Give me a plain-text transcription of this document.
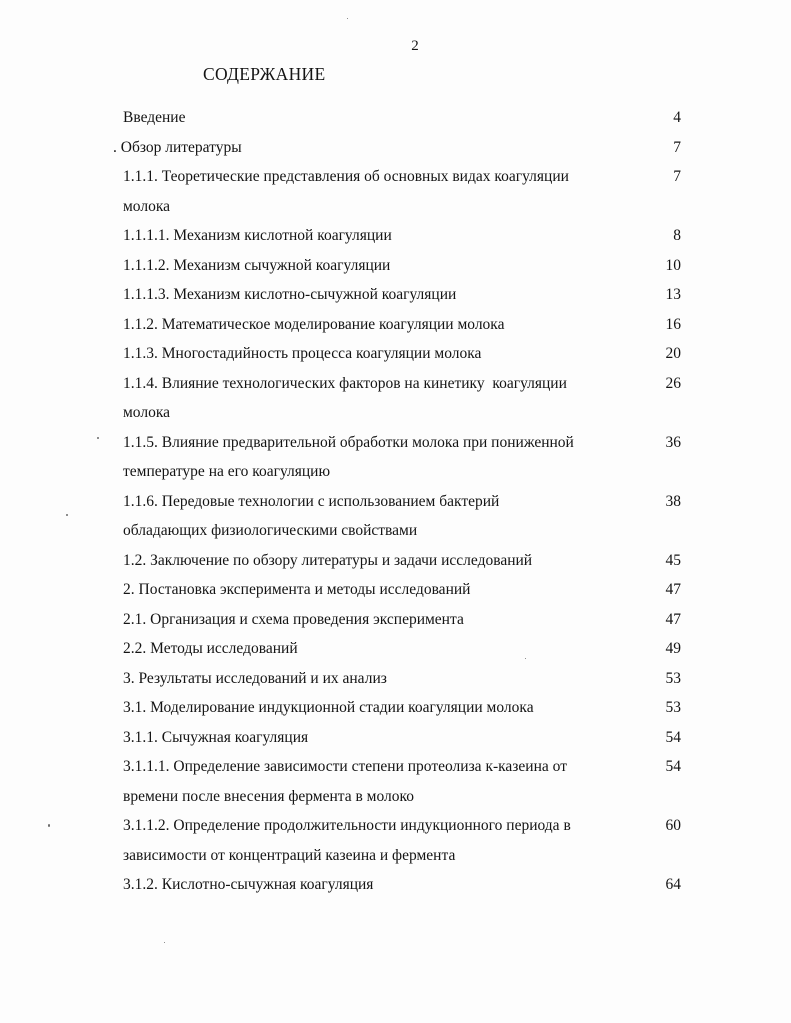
2
СОДЕРЖАНИЕ
Введение	4
. Обзор литературы	7
1.1.1. Теоретические представления об основных видах коагуляции	7
молока
1.1.1.1. Механизм кислотной коагуляции	8
1.1.1.2. Механизм сычужной коагуляции	10
1.1.1.3. Механизм кислотно-сычужной коагуляции	13
1.1.2. Математическое моделирование коагуляции молока	16
1.1.3. Многостадийность процесса коагуляции молока	20
1.1.4. Влияние технологических факторов на кинетику  коагуляции	26
молока
1.1.5. Влияние предварительной обработки молока при пониженной	36
температуре на его коагуляцию
1.1.6. Передовые технологии с использованием бактерий	38
обладающих физиологическими свойствами
1.2. Заключение по обзору литературы и задачи исследований	45
2. Постановка эксперимента и методы исследований	47
2.1. Организация и схема проведения эксперимента	47
2.2. Методы исследований	49
3. Результаты исследований и их анализ	53
3.1. Моделирование индукционной стадии коагуляции молока	53
3.1.1. Сычужная коагуляция	54
3.1.1.1. Определение зависимости степени протеолиза к-казеина от	54
времени после внесения фермента в молоко
3.1.1.2. Определение продолжительности индукционного периода в	60
зависимости от концентраций казеина и фермента
3.1.2. Кислотно-сычужная коагуляция	64
